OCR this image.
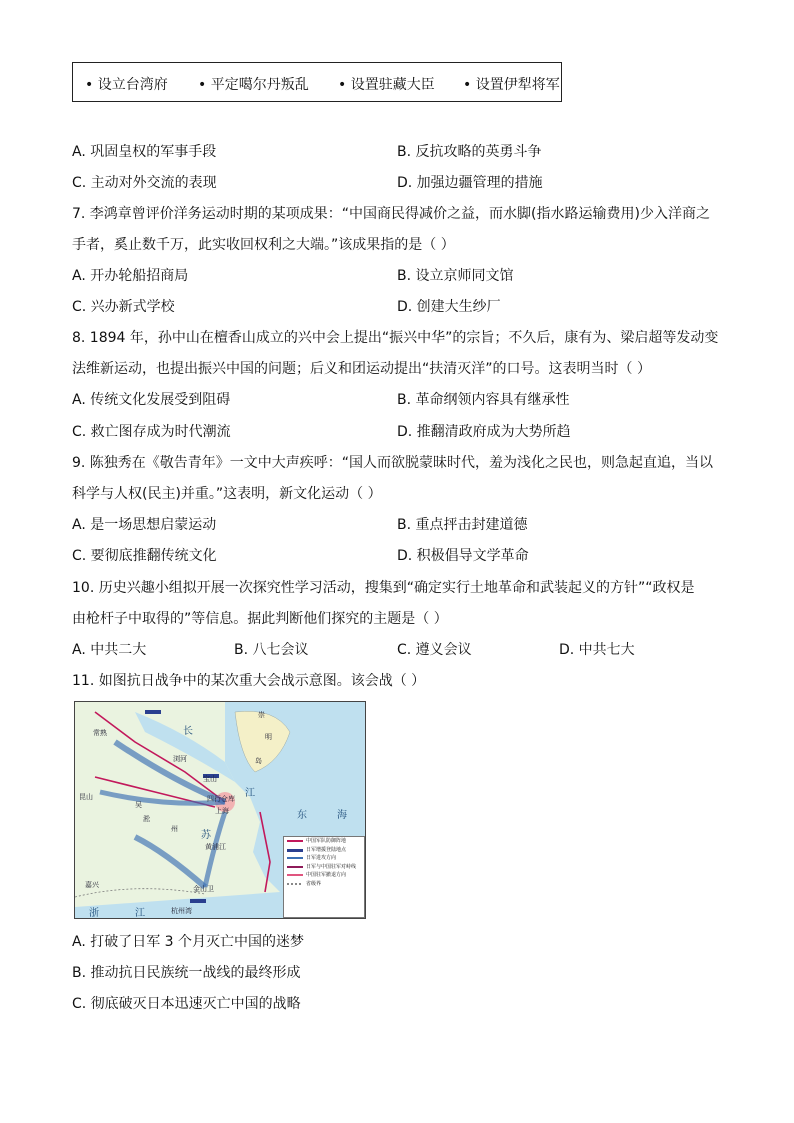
• 设立台湾府 • 平定噶尔丹叛乱 • 设置驻藏大臣 • 设置伊犁将军
A. 巩固皇权的军事手段	B. 反抗攻略的英勇斗争
C. 主动对外交流的表现	D. 加强边疆管理的措施
7. 李鸿章曾评价洋务运动时期的某项成果：“中国商民得减价之益，而水脚(指水路运输费用)少入洋商之
手者，奚止数千万，此实收回权利之大端。”该成果指的是（ ）
A. 开办轮船招商局	B. 设立京师同文馆
C. 兴办新式学校	D. 创建大生纱厂
8. 1894 年，孙中山在檀香山成立的兴中会上提出“振兴中华”的宗旨；不久后，康有为、梁启超等发动变
法维新运动，也提出振兴中国的问题；后义和团运动提出“扶清灭洋”的口号。这表明当时（ ）
A. 传统文化发展受到阻碍	B. 革命纲领内容具有继承性
C. 救亡图存成为时代潮流	D. 推翻清政府成为大势所趋
9. 陈独秀在《敬告青年》一文中大声疾呼：“国人而欲脱蒙昧时代，羞为浅化之民也，则急起直追，当以
科学与人权(民主)并重。”这表明，新文化运动（ ）
A. 是一场思想启蒙运动	B. 重点抨击封建道德
C. 要彻底推翻传统文化	D. 积极倡导文学革命
10. 历史兴趣小组拟开展一次探究性学习活动，搜集到“确定实行土地革命和武装起义的方针”“政权是
由枪杆子中取得的”等信息。据此判断他们探究的主题是（ ）
A. 中共二大	B. 八七会议	C. 遵义会议	D. 中共七大
11. 如图抗日战争中的某次重大会战示意图。该会战（ ）
常熟
崇
明
岛
长
江
浏河
宝山
四行仓库
上海
昆山
东	海
吴
淞
苏
州
黄浦江
嘉兴	金山卫
浙	江	杭州湾
中国军队防御阵地
日军增援登陆地点
日军进攻方向
日军与中国驻军对峙线
中国驻军撤退方向
省级界
A. 打破了日军 3 个月灭亡中国的迷梦
B. 推动抗日民族统一战线的最终形成
C. 彻底破灭日本迅速灭亡中国的战略
